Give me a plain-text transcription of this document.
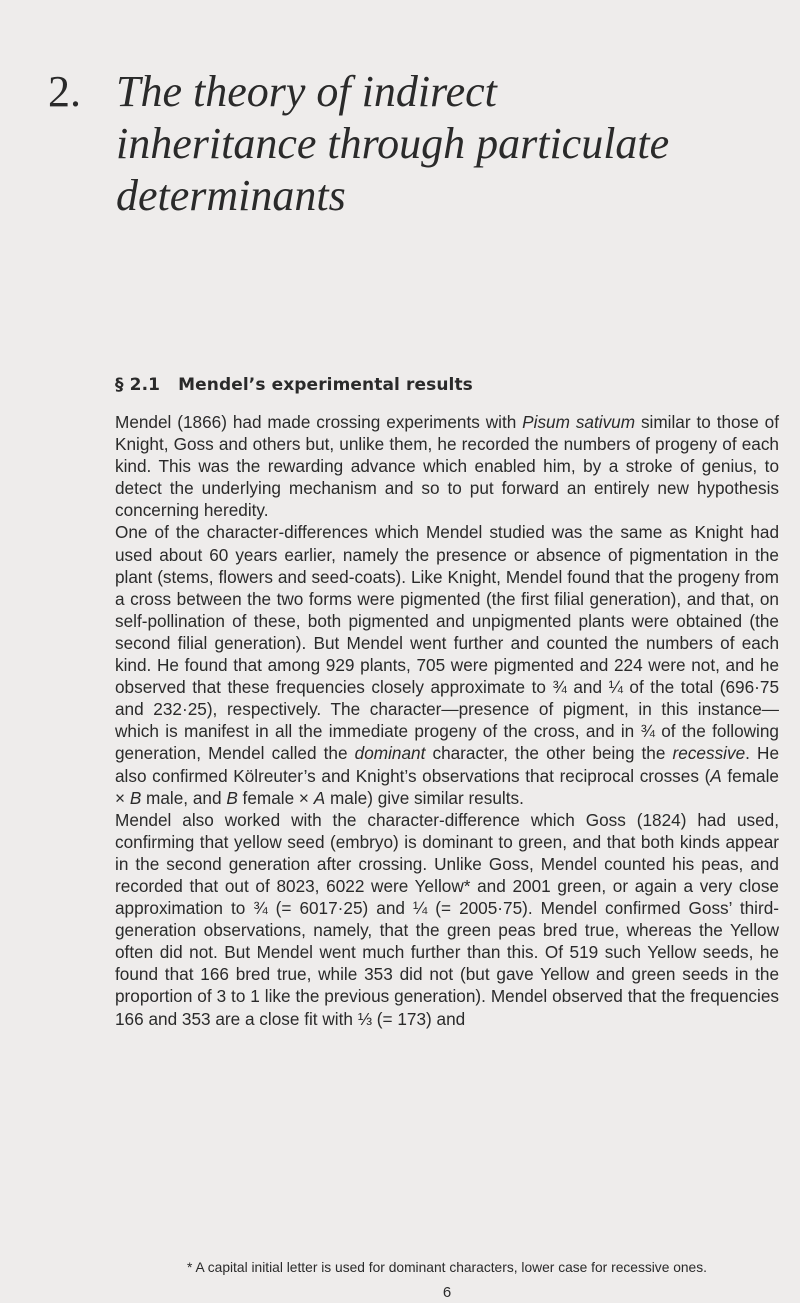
2. The theory of indirect
inheritance through particulate
determinants
§ 2.1 Mendel’s experimental results

Mendel (1866) had made crossing experiments with Pisum sativum similar to those of Knight, Goss and others but, unlike them, he recorded the numbers of progeny of each kind. This was the rewarding advance which enabled him, by a stroke of genius, to detect the underlying mechanism and so to put forward an entirely new hypothesis concerning heredity.

One of the character-differences which Mendel studied was the same as Knight had used about 60 years earlier, namely the presence or absence of pigmentation in the plant (stems, flowers and seed-coats). Like Knight, Mendel found that the progeny from a cross between the two forms were pigmented (the first filial generation), and that, on self-pollination of these, both pigmented and unpigmented plants were obtained (the second filial generation). But Mendel went further and counted the numbers of each kind. He found that among 929 plants, 705 were pigmented and 224 were not, and he observed that these frequencies closely approximate to ¾ and ¼ of the total (696·75 and 232·25), respectively. The character—presence of pigment, in this instance—which is manifest in all the immediate progeny of the cross, and in ¾ of the following generation, Mendel called the dominant character, the other being the recessive. He also confirmed Kölreuter’s and Knight’s observations that reciprocal crosses (A female × B male, and B female × A male) give similar results.

Mendel also worked with the character-difference which Goss (1824) had used, confirming that yellow seed (embryo) is dominant to green, and that both kinds appear in the second generation after crossing. Unlike Goss, Mendel counted his peas, and recorded that out of 8023, 6022 were Yellow* and 2001 green, or again a very close approximation to ¾ (= 6017·25) and ¼ (= 2005·75). Mendel confirmed Goss’ third-generation observations, namely, that the green peas bred true, whereas the Yellow often did not. But Mendel went much further than this. Of 519 such Yellow seeds, he found that 166 bred true, while 353 did not (but gave Yellow and green seeds in the proportion of 3 to 1 like the previous generation). Mendel observed that the frequencies 166 and 353 are a close fit with ⅓ (= 173) and

* A capital initial letter is used for dominant characters, lower case for recessive ones.
6
